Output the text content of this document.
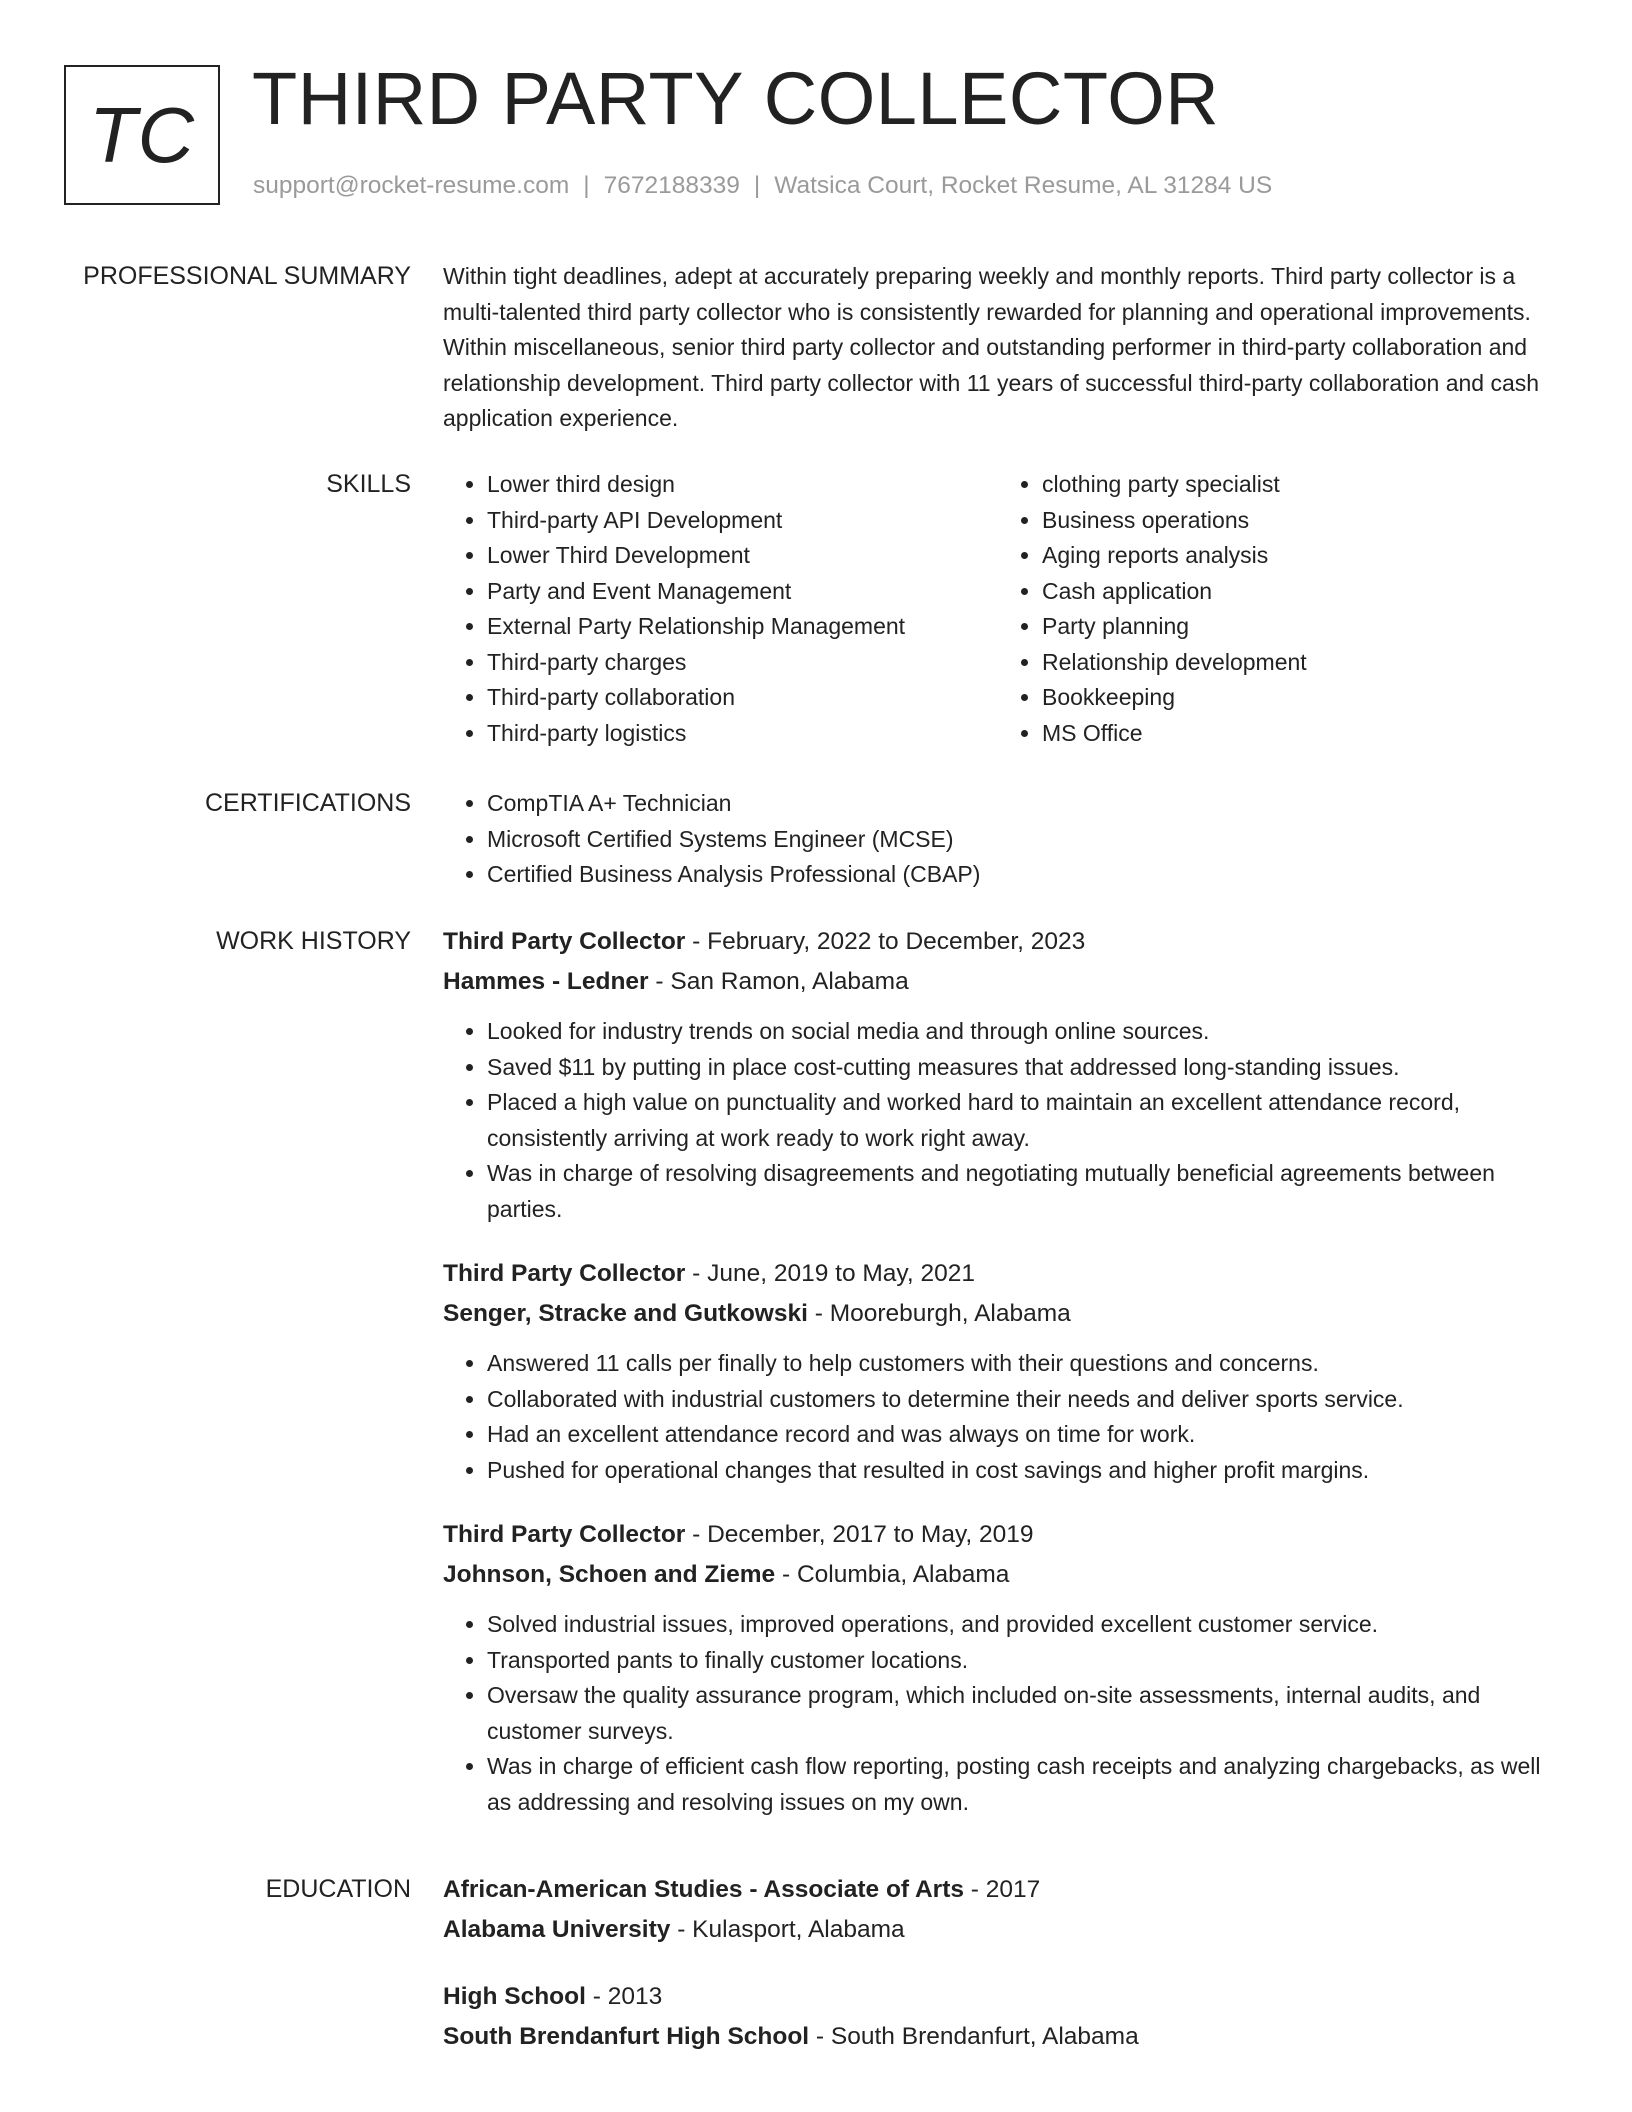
TC THIRD PARTY COLLECTOR
support@rocket-resume.com | 7672188339 | Watsica Court, Rocket Resume, AL 31284 US
PROFESSIONAL SUMMARY Within tight deadlines, adept at accurately preparing weekly and monthly reports. Third party collector is a multi-talented third party collector who is consistently rewarded for planning and operational improvements. Within miscellaneous, senior third party collector and outstanding performer in third-party collaboration and relationship development. Third party collector with 11 years of successful third-party collaboration and cash application experience.

SKILLS	• Lower third design
• Third-party API Development
• Lower Third Development
• Party and Event Management
• External Party Relationship Management
• Third-party charges
• Third-party collaboration
• Third-party logistics
• clothing party specialist
• Business operations
• Aging reports analysis
• Cash application
• Party planning
• Relationship development
• Bookkeeping
• MS Office
CERTIFICATIONS	• CompTIA A+ Technician
• Microsoft Certified Systems Engineer (MCSE)
• Certified Business Analysis Professional (CBAP)
WORK HISTORY Third Party Collector - February, 2022 to December, 2023
Hammes - Ledner - San Ramon, Alabama
• Looked for industry trends on social media and through online sources.
• Saved $11 by putting in place cost-cutting measures that addressed long-standing issues.
• Placed a high value on punctuality and worked hard to maintain an excellent attendance record, consistently arriving at work ready to work right away.
• Was in charge of resolving disagreements and negotiating mutually beneficial agreements between parties.
Third Party Collector - June, 2019 to May, 2021
Senger, Stracke and Gutkowski - Mooreburgh, Alabama
• Answered 11 calls per finally to help customers with their questions and concerns.
• Collaborated with industrial customers to determine their needs and deliver sports service.
• Had an excellent attendance record and was always on time for work.
• Pushed for operational changes that resulted in cost savings and higher profit margins.
Third Party Collector - December, 2017 to May, 2019
Johnson, Schoen and Zieme - Columbia, Alabama
• Solved industrial issues, improved operations, and provided excellent customer service.
• Transported pants to finally customer locations.
• Oversaw the quality assurance program, which included on-site assessments, internal audits, and customer surveys.
• Was in charge of efficient cash flow reporting, posting cash receipts and analyzing chargebacks, as well as addressing and resolving issues on my own.
EDUCATION African-American Studies - Associate of Arts - 2017
Alabama University - Kulasport, Alabama
High School - 2013
South Brendanfurt High School - South Brendanfurt, Alabama
